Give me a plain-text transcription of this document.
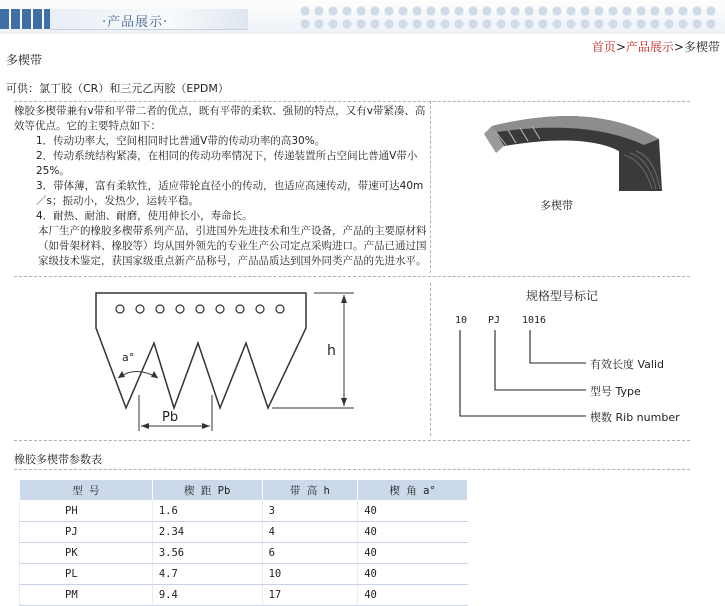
·产品展示·
首页>产品展示>多楔带
多楔带
可供：氯丁胶（CR）和三元乙丙胶（EPDM）

橡胶多楔带兼有v带和平带二者的优点，既有平带的柔软、强韧的特点，又有v带紧凑、高效等优点。它的主要特点如下：

1．传动功率大，空间相同时比普通V带的传动功率的高30%。

2．传动系统结构紧凑，在相同的传动功率情况下，传递装置所占空间比普通V带小25%。

3．带体薄，富有柔软性，适应带轮直径小的传动，也适应高速传动，带速可达40m／s；振动小，发热少，运转平稳。

4．耐热、耐油、耐磨，使用伸长小，寿命长。

本厂生产的橡胶多楔带系列产品，引进国外先进技术和生产设备，产品的主要原材料（如骨架材料、橡胶等）均从国外领先的专业生产公司定点采购进口。产品已通过国家级技术鉴定，获国家级重点新产品称号，产品品质达到国外同类产品的先进水平。

多楔带
a°	h
Pb
规格型号标记
10 PJ 1016
有效长度 Valid
型号 Type
楔数 Rib number
橡胶多楔带参数表
型 号	楔 距 Pb	带 高 h	楔 角 a°
PH	1.6	3	40
PJ	2.34	4	40
PK	3.56	6	40
PL	4.7	10	40
PM	9.4	17	40
